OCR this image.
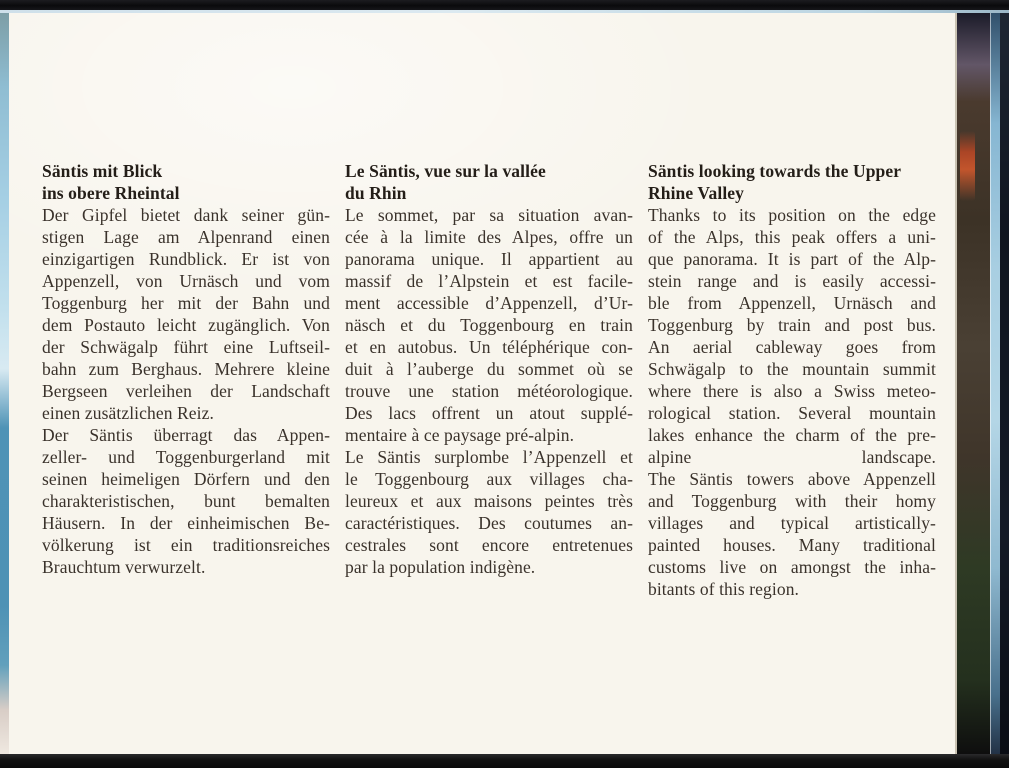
Säntis mit Blick
ins obere Rheintal
Der Gipfel bietet dank seiner gün-
stigen Lage am Alpenrand einen
einzigartigen Rundblick. Er ist von
Appenzell, von Urnäsch und vom
Toggenburg her mit der Bahn und
dem Postauto leicht zugänglich. Von
der Schwägalp führt eine Luftseil-
bahn zum Berghaus. Mehrere kleine
Bergseen verleihen der Landschaft
einen zusätzlichen Reiz.
Der Säntis überragt das Appen-
zeller- und Toggenburgerland mit
seinen heimeligen Dörfern und den
charakteristischen, bunt bemalten
Häusern. In der einheimischen Be-
völkerung ist ein traditionsreiches
Brauchtum verwurzelt.
Le Säntis, vue sur la vallée
du Rhin
Le sommet, par sa situation avan-
cée à la limite des Alpes, offre un
panorama unique. Il appartient au
massif de l’Alpstein et est facile-
ment accessible d’Appenzell, d’Ur-
näsch et du Toggenbourg en train
et en autobus. Un téléphérique con-
duit à l’auberge du sommet où se
trouve une station météorologique.
Des lacs offrent un atout supplé-
mentaire à ce paysage pré-alpin.
Le Säntis surplombe l’Appenzell et
le Toggenbourg aux villages cha-
leureux et aux maisons peintes très
caractéristiques. Des coutumes an-
cestrales sont encore entretenues
par la population indigène.
Säntis looking towards the Upper
Rhine Valley
Thanks to its position on the edge
of the Alps, this peak offers a uni-
que panorama. It is part of the Alp-
stein range and is easily accessi-
ble from Appenzell, Urnäsch and
Toggenburg by train and post bus.
An aerial cableway goes from
Schwägalp to the mountain summit
where there is also a Swiss meteo-
rological station. Several mountain
lakes enhance the charm of the pre-
alpine landscape.
The Säntis towers above Appenzell
and Toggenburg with their homy
villages and typical artistically-
painted houses. Many traditional
customs live on amongst the inha-
bitants of this region.
